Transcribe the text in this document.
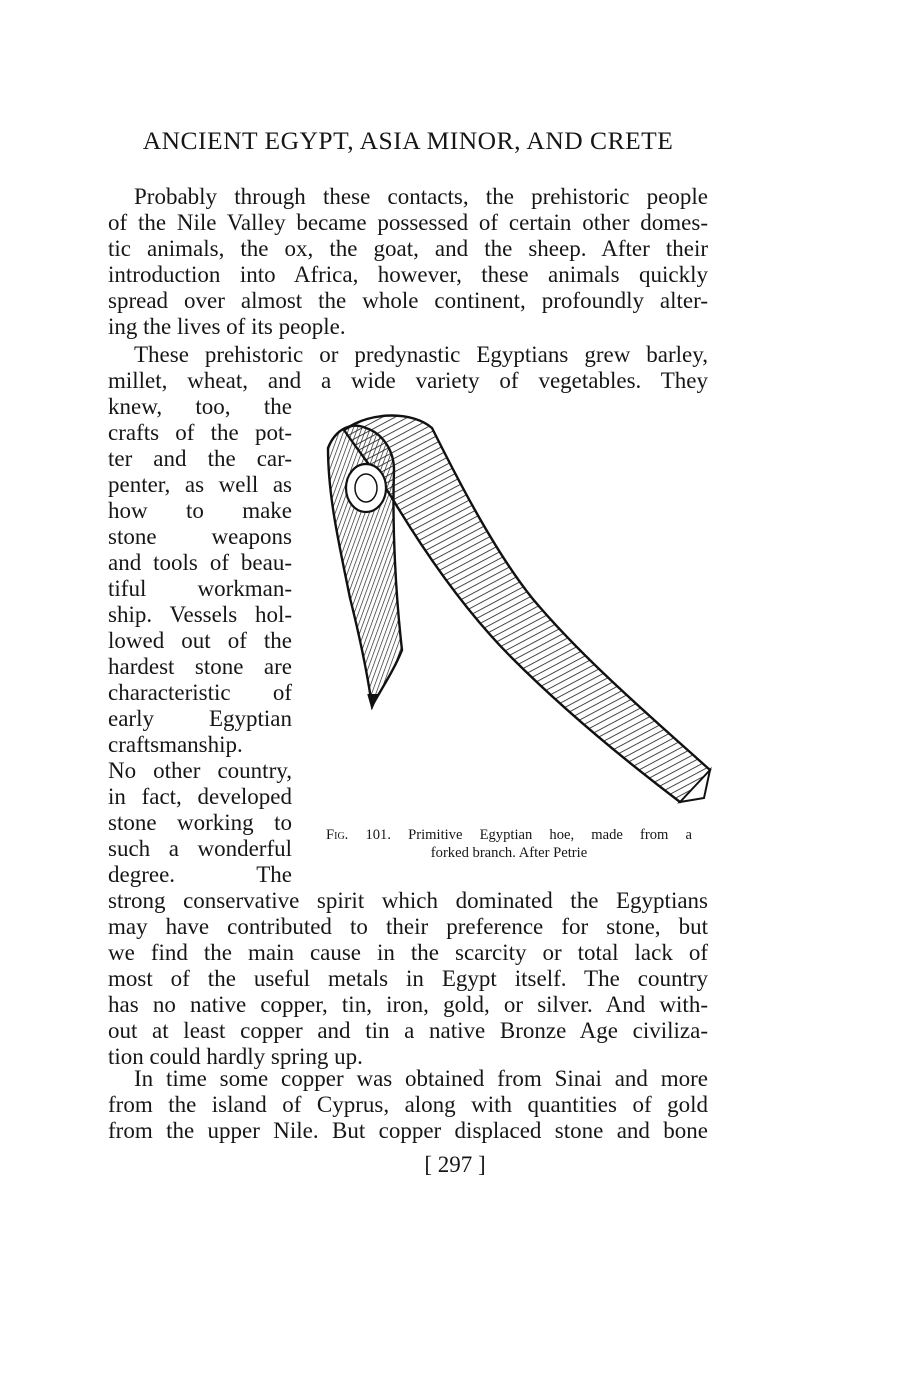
ANCIENT EGYPT, ASIA MINOR, AND CRETE
Probably through these contacts, the prehistoric people
of the Nile Valley became possessed of certain other domes-
tic animals, the ox, the goat, and the sheep. After their
introduction into Africa, however, these animals quickly
spread over almost the whole continent, profoundly alter-
ing the lives of its people.
These prehistoric or predynastic Egyptians grew barley,
millet, wheat, and a wide variety of vegetables. They
knew, too, the
crafts of the pot-
ter and the car-
penter, as well as
how to make
stone weapons
and tools of beau-
tiful workman-
ship. Vessels hol-
lowed out of the
hardest stone are
characteristic of
early Egyptian
craftsmanship.
No other country,
in fact, developed
stone working to
such a wonderful
degree. The
strong conservative spirit which dominated the Egyptians
may have contributed to their preference for stone, but
we find the main cause in the scarcity or total lack of
most of the useful metals in Egypt itself. The country
has no native copper, tin, iron, gold, or silver. And with-
out at least copper and tin a native Bronze Age civiliza-
tion could hardly spring up.
In time some copper was obtained from Sinai and more
from the island of Cyprus, along with quantities of gold
from the upper Nile. But copper displaced stone and bone
Fig. 101. Primitive Egyptian hoe, made from a
forked branch. After Petrie
[ 297 ]
